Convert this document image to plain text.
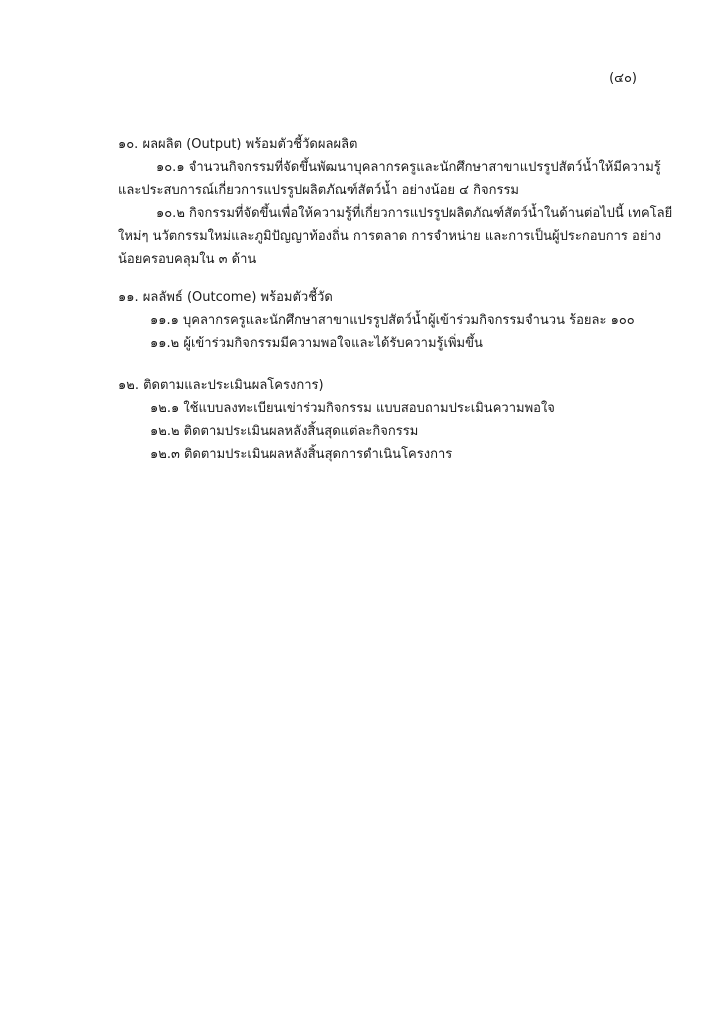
(๔๐)
๑๐. ผลผลิต (Output) พร้อมตัวชี้วัดผลผลิต
๑๐.๑ จำนวนกิจกรรมที่จัดขึ้นพัฒนาบุคลากรครูและนักศึกษาสาขาแปรรูปสัตว์น้ำให้มีความรู้
และประสบการณ์เกี่ยวการแปรรูปผลิตภัณฑ์สัตว์น้ำ อย่างน้อย ๔ กิจกรรม
๑๐.๒ กิจกรรมที่จัดขึ้นเพื่อให้ความรู้ที่เกี่ยวการแปรรูปผลิตภัณฑ์สัตว์น้ำในด้านต่อไปนี้ เทคโลยี
ใหม่ๆ นวัตกรรมใหม่และภูมิปัญญาท้องถิ่น การตลาด การจำหน่าย และการเป็นผู้ประกอบการ อย่าง
น้อยครอบคลุมใน ๓ ด้าน
๑๑. ผลลัพธ์ (Outcome) พร้อมตัวชี้วัด
๑๑.๑ บุคลากรครูและนักศึกษาสาขาแปรรูปสัตว์น้ำผู้เข้าร่วมกิจกรรมจำนวน ร้อยละ ๑๐๐
๑๑.๒ ผู้เข้าร่วมกิจกรรมมีความพอใจและได้รับความรู้เพิ่มขึ้น
๑๒. ติดตามและประเมินผลโครงการ)
๑๒.๑ ใช้แบบลงทะเบียนเข่าร่วมกิจกรรม แบบสอบถามประเมินความพอใจ
๑๒.๒ ติดตามประเมินผลหลังสิ้นสุดแต่ละกิจกรรม
๑๒.๓ ติดตามประเมินผลหลังสิ้นสุดการดำเนินโครงการ
